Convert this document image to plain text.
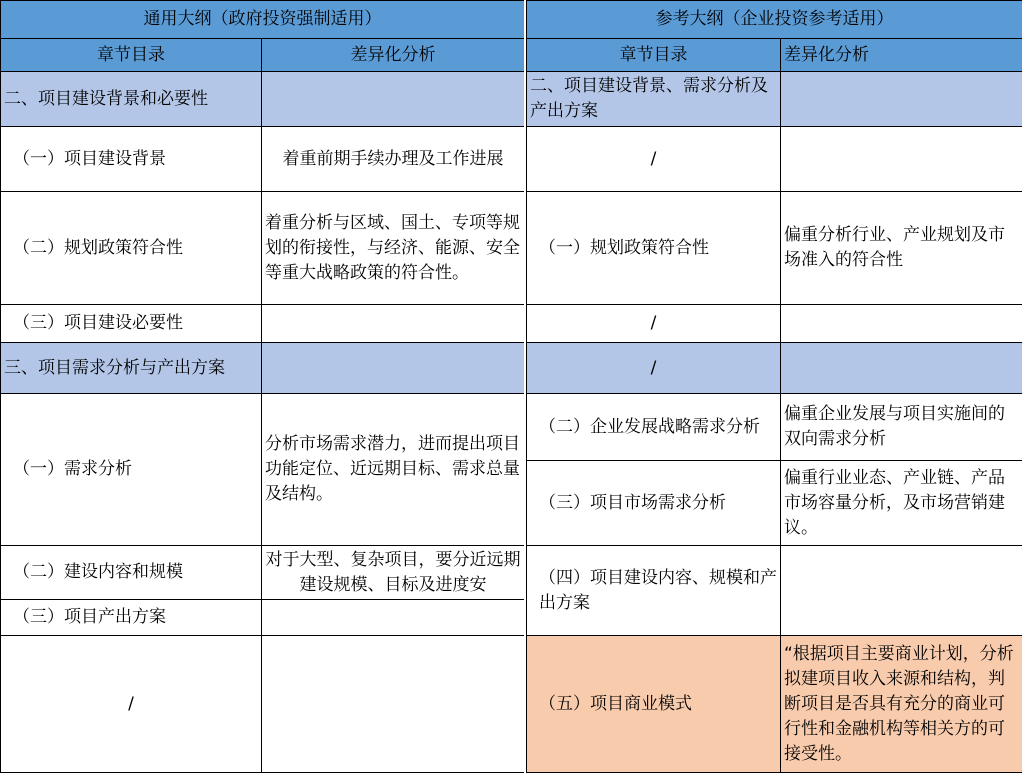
通用大纲（政府投资强制适用）	
章节目录	差异化分析
二、项目建设背景和必要性	
（一）项目建设背景	着重前期手续办理及工作进展
（二）规划政策符合性	着重分析与区域、国土、专项等规划的衔接性，与经济、能源、安全等重大战略政策的符合性。
（三）项目建设必要性	
三、项目需求分析与产出方案	
（一）需求分析	分析市场需求潜力，进而提出项目功能定位、近远期目标、需求总量及结构。
（二）建设内容和规模	对于大型、复杂项目，要分近远期建设规模、目标及进度安
（三）项目产出方案	
/	
参考大纲（企业投资参考适用）	
章节目录	差异化分析
二、项目建设背景、需求分析及产出方案	
/	
（一）规划政策符合性	偏重分析行业、产业规划及市场准入的符合性
/	
/	
（二）企业发展战略需求分析	偏重企业发展与项目实施间的双向需求分析
（三）项目市场需求分析	偏重行业业态、产业链、产品市场容量分析，及市场营销建议。
（四）项目建设内容、规模和产出方案	
（五）项目商业模式	“根据项目主要商业计划，分析拟建项目收入来源和结构，判断项目是否具有充分的商业可行性和金融机构等相关方的可接受性。
